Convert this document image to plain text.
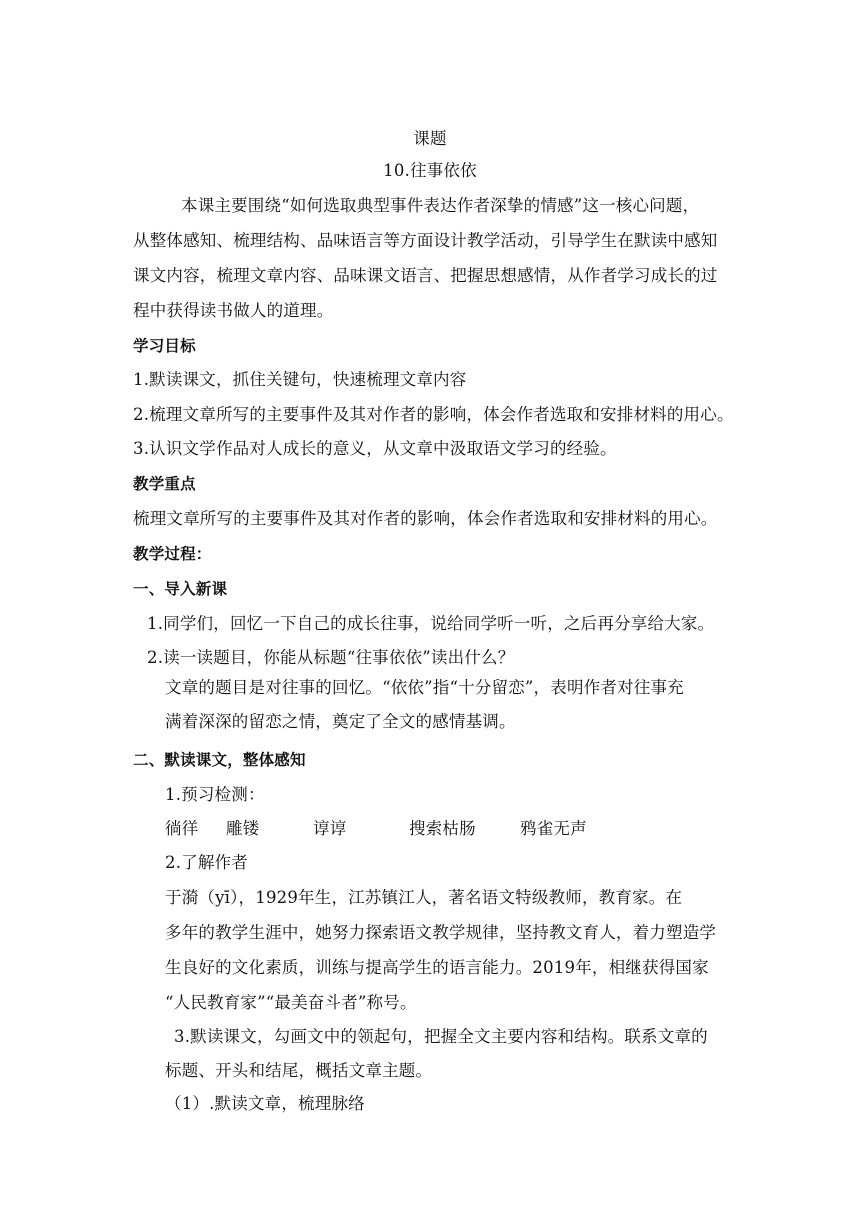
课题
10.往事依依
本课主要围绕“如何选取典型事件表达作者深挚的情感”这一核心问题，
从整体感知、梳理结构、品味语言等方面设计教学活动，引导学生在默读中感知
课文内容，梳理文章内容、品味课文语言、把握思想感情，从作者学习成长的过
程中获得读书做人的道理。
学习目标
1.默读课文，抓住关键句，快速梳理文章内容
2.梳理文章所写的主要事件及其对作者的影响，体会作者选取和安排材料的用心。
3.认识文学作品对人成长的意义，从文章中汲取语文学习的经验。
教学重点
梳理文章所写的主要事件及其对作者的影响，体会作者选取和安排材料的用心。
教学过程：
一、导入新课
1.同学们，回忆一下自己的成长往事，说给同学听一听，之后再分享给大家。
2.读一读题目，你能从标题“往事依依”读出什么？
文章的题目是对往事的回忆。“依依”指“十分留恋”，表明作者对往事充
满着深深的留恋之情，奠定了全文的感情基调。
二、默读课文，整体感知
1.预习检测：
徜徉 雕镂	谆谆	搜索枯肠	鸦雀无声
2.了解作者
于漪（yī），1929年生，江苏镇江人，著名语文特级教师，教育家。在
多年的教学生涯中，她努力探索语文教学规律，坚持教文育人，着力塑造学
生良好的文化素质，训练与提高学生的语言能力。2019年，相继获得国家
“人民教育家”“最美奋斗者”称号。
3.默读课文，勾画文中的领起句，把握全文主要内容和结构。联系文章的
标题、开头和结尾，概括文章主题。
（1）.默读文章，梳理脉络
